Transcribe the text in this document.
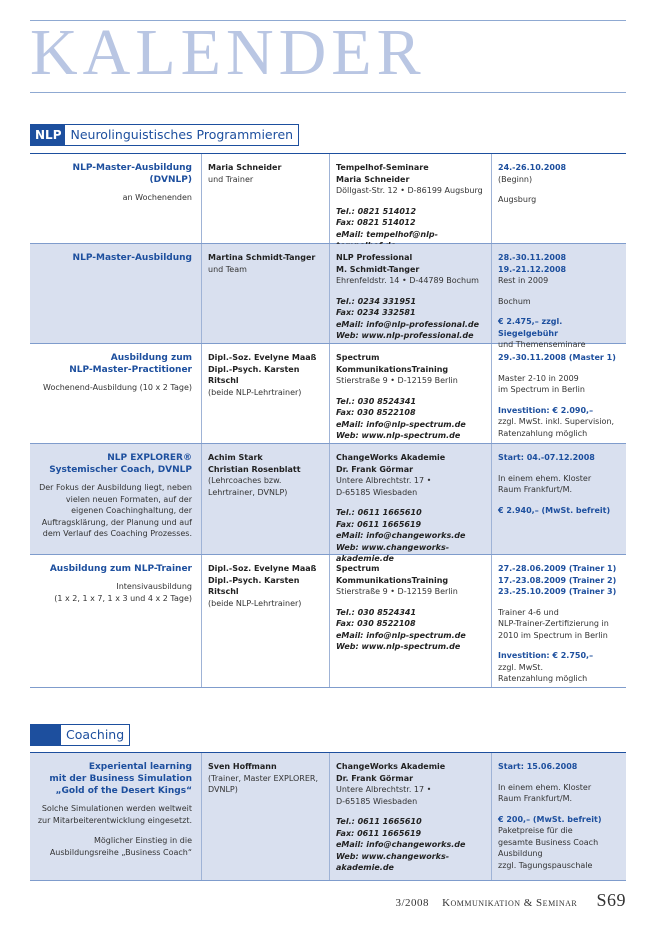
KALENDER
NLP Neurolinguistisches Programmieren
NLP-Master-Ausbildung
(DVNLP)
an Wochenenden
Maria Schneider
und Trainer
Tempelhof-Seminare
Maria Schneider
Döllgast-Str. 12 • D-86199 Augsburg
Tel.: 0821 514012
Fax: 0821 514012
eMail: tempelhof@nlp-
24.-26.10.2008
(Beginn)
Augsburg
NLP-Master-Ausbildung Martina Schmidt-Tanger
und Team
NLP Professional
M. Schmidt-Tanger
Ehrenfeldstr. 14 • D-44789 Bochum
Tel.: 0234 331951
Fax: 0234 332581
eMail: info@nlp-professional.de
Web: www.nlp-professional.de
28.-30.11.2008
19.-21.12.2008
Rest in 2009
Bochum
€ 2.475,– zzgl. Siegelgebühr
und Themenseminare
Ausbildung zum
NLP-Master-Practitioner
Wochenend-Ausbildung (10 x 2 Tage)
Dipl.-Soz. Evelyne Maaß
Dipl.-Psych. Karsten Ritschl
(beide NLP-Lehrtrainer)
Spectrum KommunikationsTraining
Stierstraße 9 • D-12159 Berlin
Tel.: 030 8524341
Fax: 030 8522108
eMail: info@nlp-spectrum.de
Web: www.nlp-spectrum.de
29.-30.11.2008 (Master 1)
Master 2-10 in 2009
im Spectrum in Berlin
Investition: € 2.090,–
zzgl. MwSt. inkl. Supervision,
Ratenzahlung möglich
NLP EXPLORER®
Systemischer Coach, DVNLP
Der Fokus der Ausbildung liegt, neben
vielen neuen Formaten, auf der
eigenen Coachinghaltung, der
Auftragsklärung, der Planung und auf
dem Verlauf des Coaching Prozesses.
Achim Stark
Christian Rosenblatt
(Lehrcoaches bzw.
Lehrtrainer, DVNLP)
ChangeWorks Akademie
Dr. Frank Görmar
Untere Albrechtstr. 17 •
D-65185 Wiesbaden
Tel.: 0611 1665610
Fax: 0611 1665619
eMail: info@changeworks.de
Web: www.changeworks-akademie.de
Start: 04.-07.12.2008
In einem ehem. Kloster
Raum Frankfurt/M.
€ 2.940,– (MwSt. befreit)
Ausbildung zum NLP-Trainer
Intensivausbildung
(1 x 2, 1 x 7, 1 x 3 und 4 x 2 Tage)
Dipl.-Soz. Evelyne Maaß
Dipl.-Psych. Karsten Ritschl
(beide NLP-Lehrtrainer)
Spectrum KommunikationsTraining
Stierstraße 9 • D-12159 Berlin
Tel.: 030 8524341
Fax: 030 8522108
eMail: info@nlp-spectrum.de
Web: www.nlp-spectrum.de
27.-28.06.2009 (Trainer 1)
17.-23.08.2009 (Trainer 2)
23.-25.10.2009 (Trainer 3)
Trainer 4-6 und
NLP-Trainer-Zertifizierung in
2010 im Spectrum in Berlin
Investition: € 2.750,–
zzgl. MwSt.
Ratenzahlung möglich
Coaching
Experiental learning
mit der Business Simulation
„Gold of the Desert Kings“
Solche Simulationen werden weltweit
zur Mitarbeiterentwicklung eingesetzt.
Möglicher Einstieg in die
Ausbildungsreihe „Business Coach“
Sven Hoffmann
(Trainer, Master EXPLORER,
DVNLP)
ChangeWorks Akademie
Dr. Frank Görmar
Untere Albrechtstr. 17 •
D-65185 Wiesbaden
Tel.: 0611 1665610
Fax: 0611 1665619
eMail: info@changeworks.de
Web: www.changeworks-akademie.de
Start: 15.06.2008
In einem ehem. Kloster
Raum Frankfurt/M.
€ 200,– (MwSt. befreit)
Paketpreise für die
gesamte Business Coach
Ausbildung
zzgl. Tagungspauschale
3/2008 Kommunikation & Seminar S69
